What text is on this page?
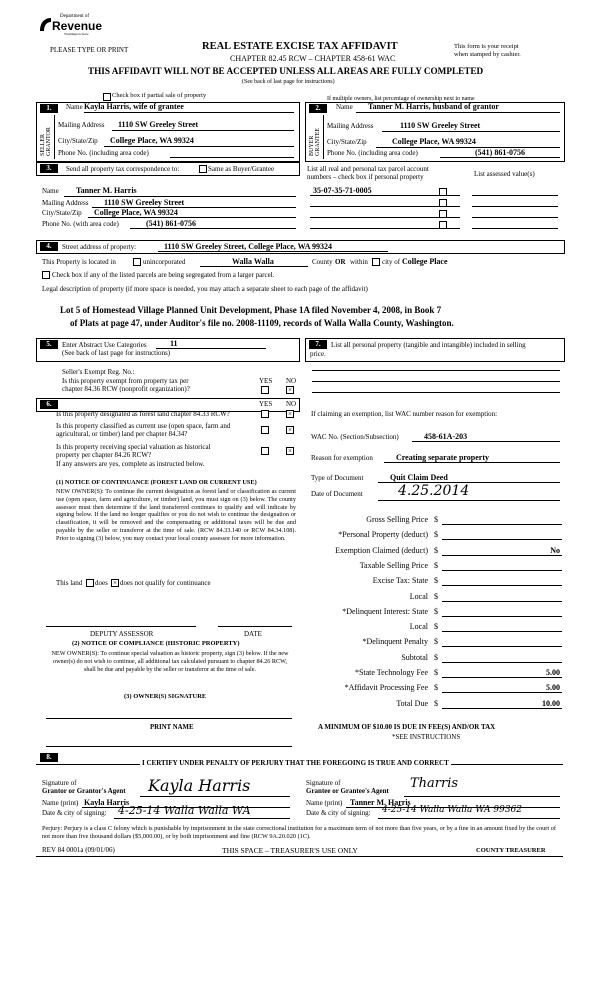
Department of
Revenue
Washington State
PLEASE TYPE OR PRINT	REAL ESTATE EXCISE TAX AFFIDAVIT
CHAPTER 82.45 RCW – CHAPTER 458-61 WAC
This form is your receipt
when stamped by cashier.
THIS AFFIDAVIT WILL NOT BE ACCEPTED UNLESS ALL AREAS ARE FULLY COMPLETED
(See back of last page for instructions)
Check box if partial sale of property	If multiple owners, list percentage of ownership next to name
1.	Name Kayla Harris, wife of grantee
SELLER GRANTOR
Mailing Address 1110 SW Greeley Street
City/State/Zip College Place, WA 99324
Phone No. (including area code)
2.	Name Tanner M. Harris, husband of grantor
BUYER GRANTEE
Mailing Address	1110 SW Greeley Street
City/State/Zip	College Place, WA 99324
Phone No. (including area code)	(541) 861-0756
3.	Send all property tax correspondence to:	Same as Buyer/Grantee
Name Tanner M. Harris
Mailing Address 1110 SW Greeley Street
City/State/Zip College Place, WA 99324
Phone No. (with area code)	(541) 861-0756
List all real and personal tax parcel account
numbers – check box if personal property	List assessed value(s)
35-07-35-71-0005
4.	Street address of property:	1110 SW Greeley Street, College Place, WA 99324
This Property is located in	unincorporated	Walla Walla	County OR within city of College Place
Check box if any of the listed parcels are being segregated from a larger parcel.
Legal description of property (if more space is needed, you may attach a separate sheet to each page of the affidavit)
Lot 5 of Homestead Village Planned Unit Development, Phase 1A filed November 4, 2008, in Book 7
of Plats at page 47, under Auditor's file no. 2008-11109, records of Walla Walla County, Washington.
5.	Enter Abstract Use Categories	11
(See back of last page for instructions)
Seller's Exempt Reg. No.:
Is this property exempt from property tax per
chapter 84.36 RCW (nonprofit organization)?
YES NO
×
7.	List all personal property (tangible and intangible) included in selling
price.
6.	YES NO
Is this property designated as forest land chapter 84.33 RCW?	×
Is this property classified as current use (open space, farm and
agricultural, or timber) land per chapter 84.34?	×
Is this property receiving special valuation as historical
property per chapter 84.26 RCW?	×
If any answers are yes, complete as instructed below.
(1) NOTICE OF CONTINUANCE (FOREST LAND OR CURRENT USE)
NEW OWNER(S): To continue the current designation as forest land or classification as current use (open space, farm and agriculture, or timber) land, you must sign on (3) below. The county assessor must then determine if the land transferred continues to qualify and will indicate by signing below. If the land no longer qualifies or you do not wish to continue the designation or classification, it will be removed and the compensating or additional taxes will be due and payable by the seller or transferor at the time of sale. (RCW 84.33.140 or RCW 84.34.108). Prior to signing (3) below, you may contact your local county assessor for more information.
This land does × does not qualify for continuance
DEPUTY ASSESSOR	DATE
(2) NOTICE OF COMPLIANCE (HISTORIC PROPERTY)
NEW OWNER(S): To continue special valuation as historic property, sign (3) below. If the new owner(s) do not wish to continue, all additional tax calculated pursuant to chapter 84.26 RCW, shall be due and payable by the seller or transferor at the time of sale.
(3) OWNER(S) SIGNATURE
PRINT NAME
If claiming an exemption, list WAC number reason for exemption:
WAC No. (Section/Subsection)	458-61A-203
Reason for exemption	Creating separate property
Type of Document	Quit Claim Deed
Date of Document	4.25.2014
Gross Selling Price $
*Personal Property (deduct) $
Exemption Claimed (deduct) $	No
Taxable Selling Price $
Excise Tax: State $
Local $
*Delinquent Interest: State $
Local $
*Delinquent Penalty $
Subtotal $
*State Technology Fee $	5.00
*Affidavit Processing Fee $	5.00
Total Due $	10.00
A MINIMUM OF $10.00 IS DUE IN FEE(S) AND/OR TAX
*SEE INSTRUCTIONS
8.
I CERTIFY UNDER PENALTY OF PERJURY THAT THE FOREGOING IS TRUE AND CORRECT
Signature of
Grantor or Grantor's Agent Kayla Harris
Name (print) Kayla Harris
Date & city of signing: 4-25-14 Walla Walla WA
Signature of
Grantee or Grantee's Agent Tharris
Name (print) Tanner M. Harris
Date & city of signing: 4-25-14 Walla Walla WA 99362
Perjury: Perjury is a class C felony which is punishable by imprisonment in the state correctional institution for a maximum term of not more than five years, or by a fine in an amount fixed by the court of not more than five thousand dollars ($5,000.00), or by both imprisonment and fine (RCW 9A.20.020 (1C).
REV 84 0001a (09/01/06)	THIS SPACE – TREASURER'S USE ONLY	COUNTY TREASURER
